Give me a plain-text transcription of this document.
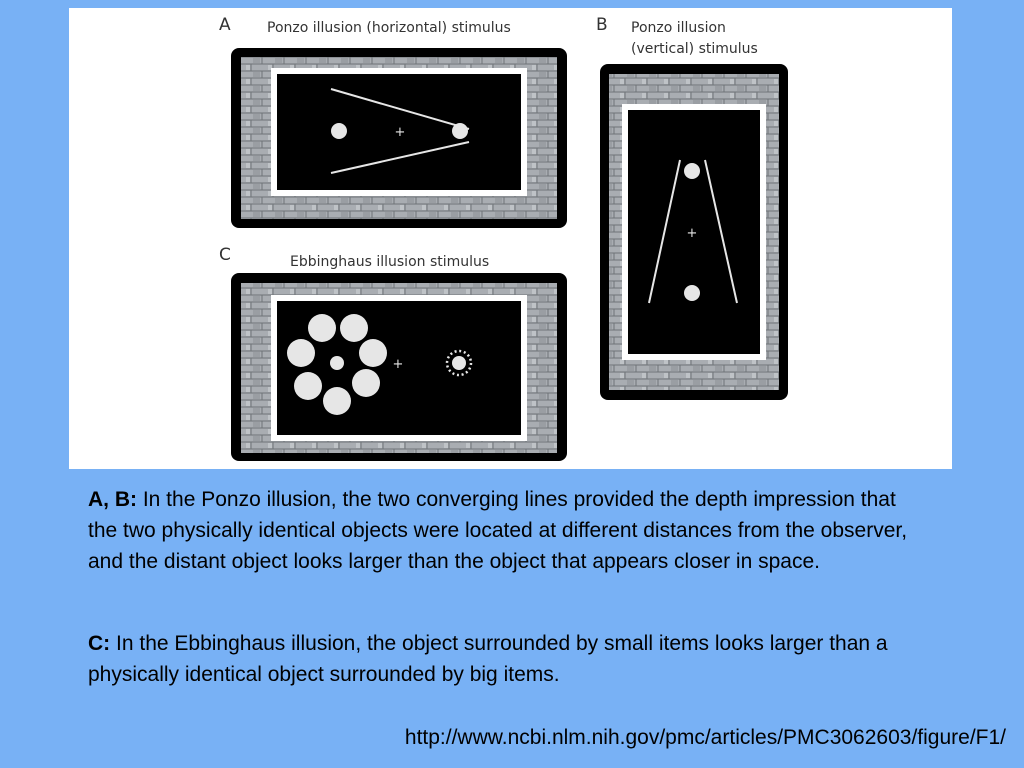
A	Ponzo illusion (horizontal) stimulus
+
B Ponzo illusion
(vertical) stimulus
+
C	Ebbinghaus illusion stimulus
+
A, B: In the Ponzo illusion, the two converging lines provided the depth impression that the two physically identical objects were located at different distances from the observer, and the distant object looks larger than the object that appears closer in space.
C: In the Ebbinghaus illusion, the object surrounded by small items looks larger than a physically identical object surrounded by big items.
http://www.ncbi.nlm.nih.gov/pmc/articles/PMC3062603/figure/F1/
